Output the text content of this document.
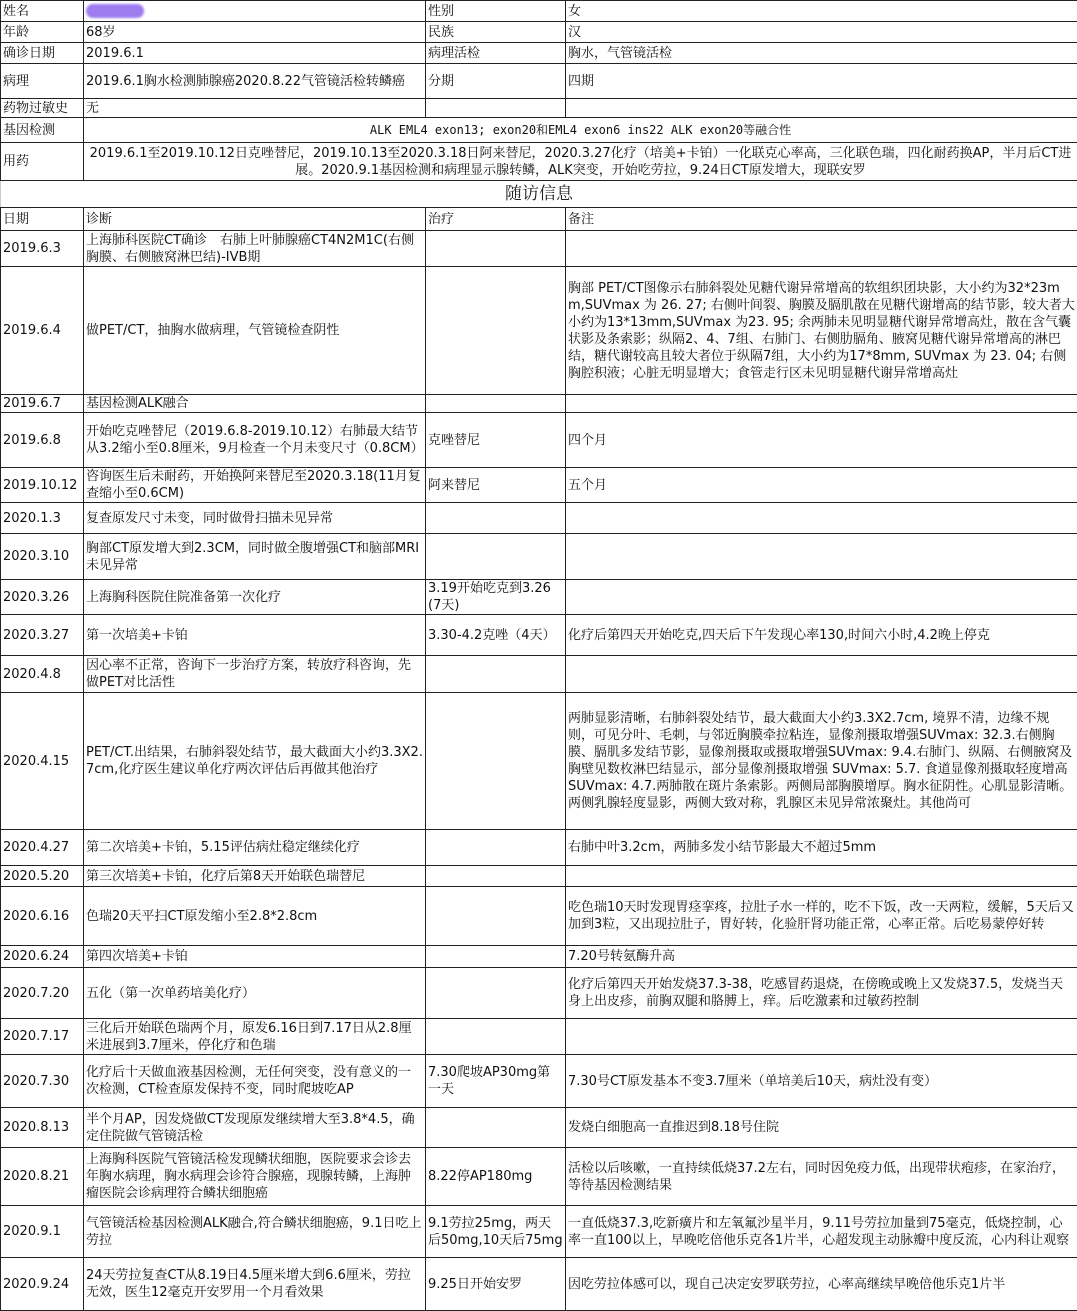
姓名		性别	女
年龄	68岁	民族	汉
确诊日期	2019.6.1	病理活检	胸水，气管镜活检
病理	2019.6.1胸水检测肺腺癌2020.8.22气管镜活检转鳞癌	分期	四期
药物过敏史	无		
基因检测	ALK EML4 exon13; exon20和EML4 exon6 ins22 ALK exon20等融合性		
用药	2019.6.1至2019.10.12日克唑替尼，2019.10.13至2020.3.18日阿来替尼，2020.3.27化疗（培美+卡铂）一化联克心率高，三化联色瑞，四化耐药换AP，半月后CT进展。2020.9.1基因检测和病理显示腺转鳞，ALK突变，开始吃劳拉，9.24日CT原发增大，现联安罗		
随访信息			
日期	诊断	治疗	备注
2019.6.3	上海肺科医院CT确诊　右肺上叶肺腺癌CT4N2M1C(右侧胸膜、右侧腋窝淋巴结)-IVB期		
2019.6.4	做PET/CT，抽胸水做病理，气管镜检查阴性		胸部 PET/CT图像示右肺斜裂处见糖代谢异常增高的软组织团块影，大小约为32*23mm,SUVmax 为 26. 27; 右侧叶间裂、胸膜及膈肌散在见糖代谢增高的结节影，较大者大小约为13*13mm,SUVmax 为23. 95; 余两肺未见明显糖代谢异常增高灶，散在含气囊状影及条索影；纵隔2、4、7组、右肺门、右侧肋膈角、腋窝见糖代谢异常增高的淋巴结，糖代谢较高且较大者位于纵隔7组，大小约为17*8mm, SUVmax 为 23. 04; 右侧胸腔积液；心脏无明显增大；食管走行区未见明显糖代谢异常增高灶
2019.6.7	基因检测ALK融合		
2019.6.8	开始吃克唑替尼（2019.6.8-2019.10.12）右肺最大结节从3.2缩小至0.8厘米，9月检查一个月未变尺寸（0.8CM）	克唑替尼	四个月
2019.10.12	咨询医生后未耐药，开始换阿来替尼至2020.3.18(11月复查缩小至0.6CM)	阿来替尼	五个月
2020.1.3	复查原发尺寸未变，同时做骨扫描未见异常		
2020.3.10	胸部CT原发增大到2.3CM，同时做全腹增强CT和脑部MRI未见异常		
2020.3.26	上海胸科医院住院准备第一次化疗	3.19开始吃克到3.26(7天)	
2020.3.27	第一次培美+卡铂	3.30-4.2克唑（4天）	化疗后第四天开始吃克,四天后下午发现心率130,时间六小时,4.2晚上停克
2020.4.8	因心率不正常，咨询下一步治疗方案，转放疗科咨询，先做PET对比活性		
2020.4.15	PET/CT.出结果，右肺斜裂处结节，最大截面大小约3.3X2.7cm,化疗医生建议单化疗两次评估后再做其他治疗		两肺显影清晰，右肺斜裂处结节，最大截面大小约3.3X2.7cm, 境界不清，边缘不规则，可见分叶、毛刺，与邻近胸膜牵拉粘连，显像剂摄取增强SUVmax: 32.3.右侧胸膜、膈肌多发结节影，显像剂摄取或摄取增强SUVmax: 9.4.右肺门、纵隔、右侧腋窝及胸壁见数枚淋巴结显示，部分显像剂摄取增强 SUVmax: 5.7. 食道显像剂摄取轻度增高 SUVmax: 4.7.两肺散在斑片条索影。两侧局部胸膜增厚。胸水征阴性。心肌显影清晰。两侧乳腺轻度显影，两侧大致对称，乳腺区未见异常浓聚灶。其他尚可
2020.4.27	第二次培美+卡铂，5.15评估病灶稳定继续化疗		右肺中叶3.2cm，两肺多发小结节影最大不超过5mm
2020.5.20	第三次培美+卡铂，化疗后第8天开始联色瑞替尼		
2020.6.16	色瑞20天平扫CT原发缩小至2.8*2.8cm		吃色瑞10天时发现胃痉挛疼，拉肚子水一样的，吃不下饭，改一天两粒，缓解，5天后又加到3粒，又出现拉肚子，胃好转，化验肝肾功能正常，心率正常。后吃易蒙停好转
2020.6.24	第四次培美+卡铂		7.20号转氨酶升高
2020.7.20	五化（第一次单药培美化疗）		化疗后第四天开始发烧37.3-38，吃感冒药退烧，在傍晚或晚上又发烧37.5，发烧当天身上出皮疹，前胸双腿和胳膊上，痒。后吃激素和过敏药控制
2020.7.17	三化后开始联色瑞两个月，原发6.16日到7.17日从2.8厘米进展到3.7厘米，停化疗和色瑞		
2020.7.30	化疗后十天做血液基因检测，无任何突变，没有意义的一次检测，CT检查原发保持不变，同时爬坡吃AP	7.30爬坡AP30mg第一天	7.30号CT原发基本不变3.7厘米（单培美后10天，病灶没有变）
2020.8.13	半个月AP，因发烧做CT发现原发继续增大至3.8*4.5，确定住院做气管镜活检		发烧白细胞高一直推迟到8.18号住院
2020.8.21	上海胸科医院气管镜活检发现鳞状细胞，医院要求会诊去年胸水病理，胸水病理会诊符合腺癌，现腺转鳞，上海肿瘤医院会诊病理符合鳞状细胞癌	8.22停AP180mg	活检以后咳嗽，一直持续低烧37.2左右，同时因免疫力低，出现带状疱疹，在家治疗，等待基因检测结果
2020.9.1	气管镜活检基因检测ALK融合,符合鳞状细胞癌，9.1日吃上劳拉	9.1劳拉25mg，两天后50mg,10天后75mg	一直低烧37.3,吃新癀片和左氧氟沙星半月，9.11号劳拉加量到75毫克，低烧控制，心率一直100以上，早晚吃倍他乐克各1片半，心超发现主动脉瓣中度反流，心内科让观察
2020.9.24	24天劳拉复查CT从8.19日4.5厘米增大到6.6厘米，劳拉无效，医生12毫克开安罗用一个月看效果	9.25日开始安罗	因吃劳拉体感可以，现自己决定安罗联劳拉，心率高继续早晚倍他乐克1片半
